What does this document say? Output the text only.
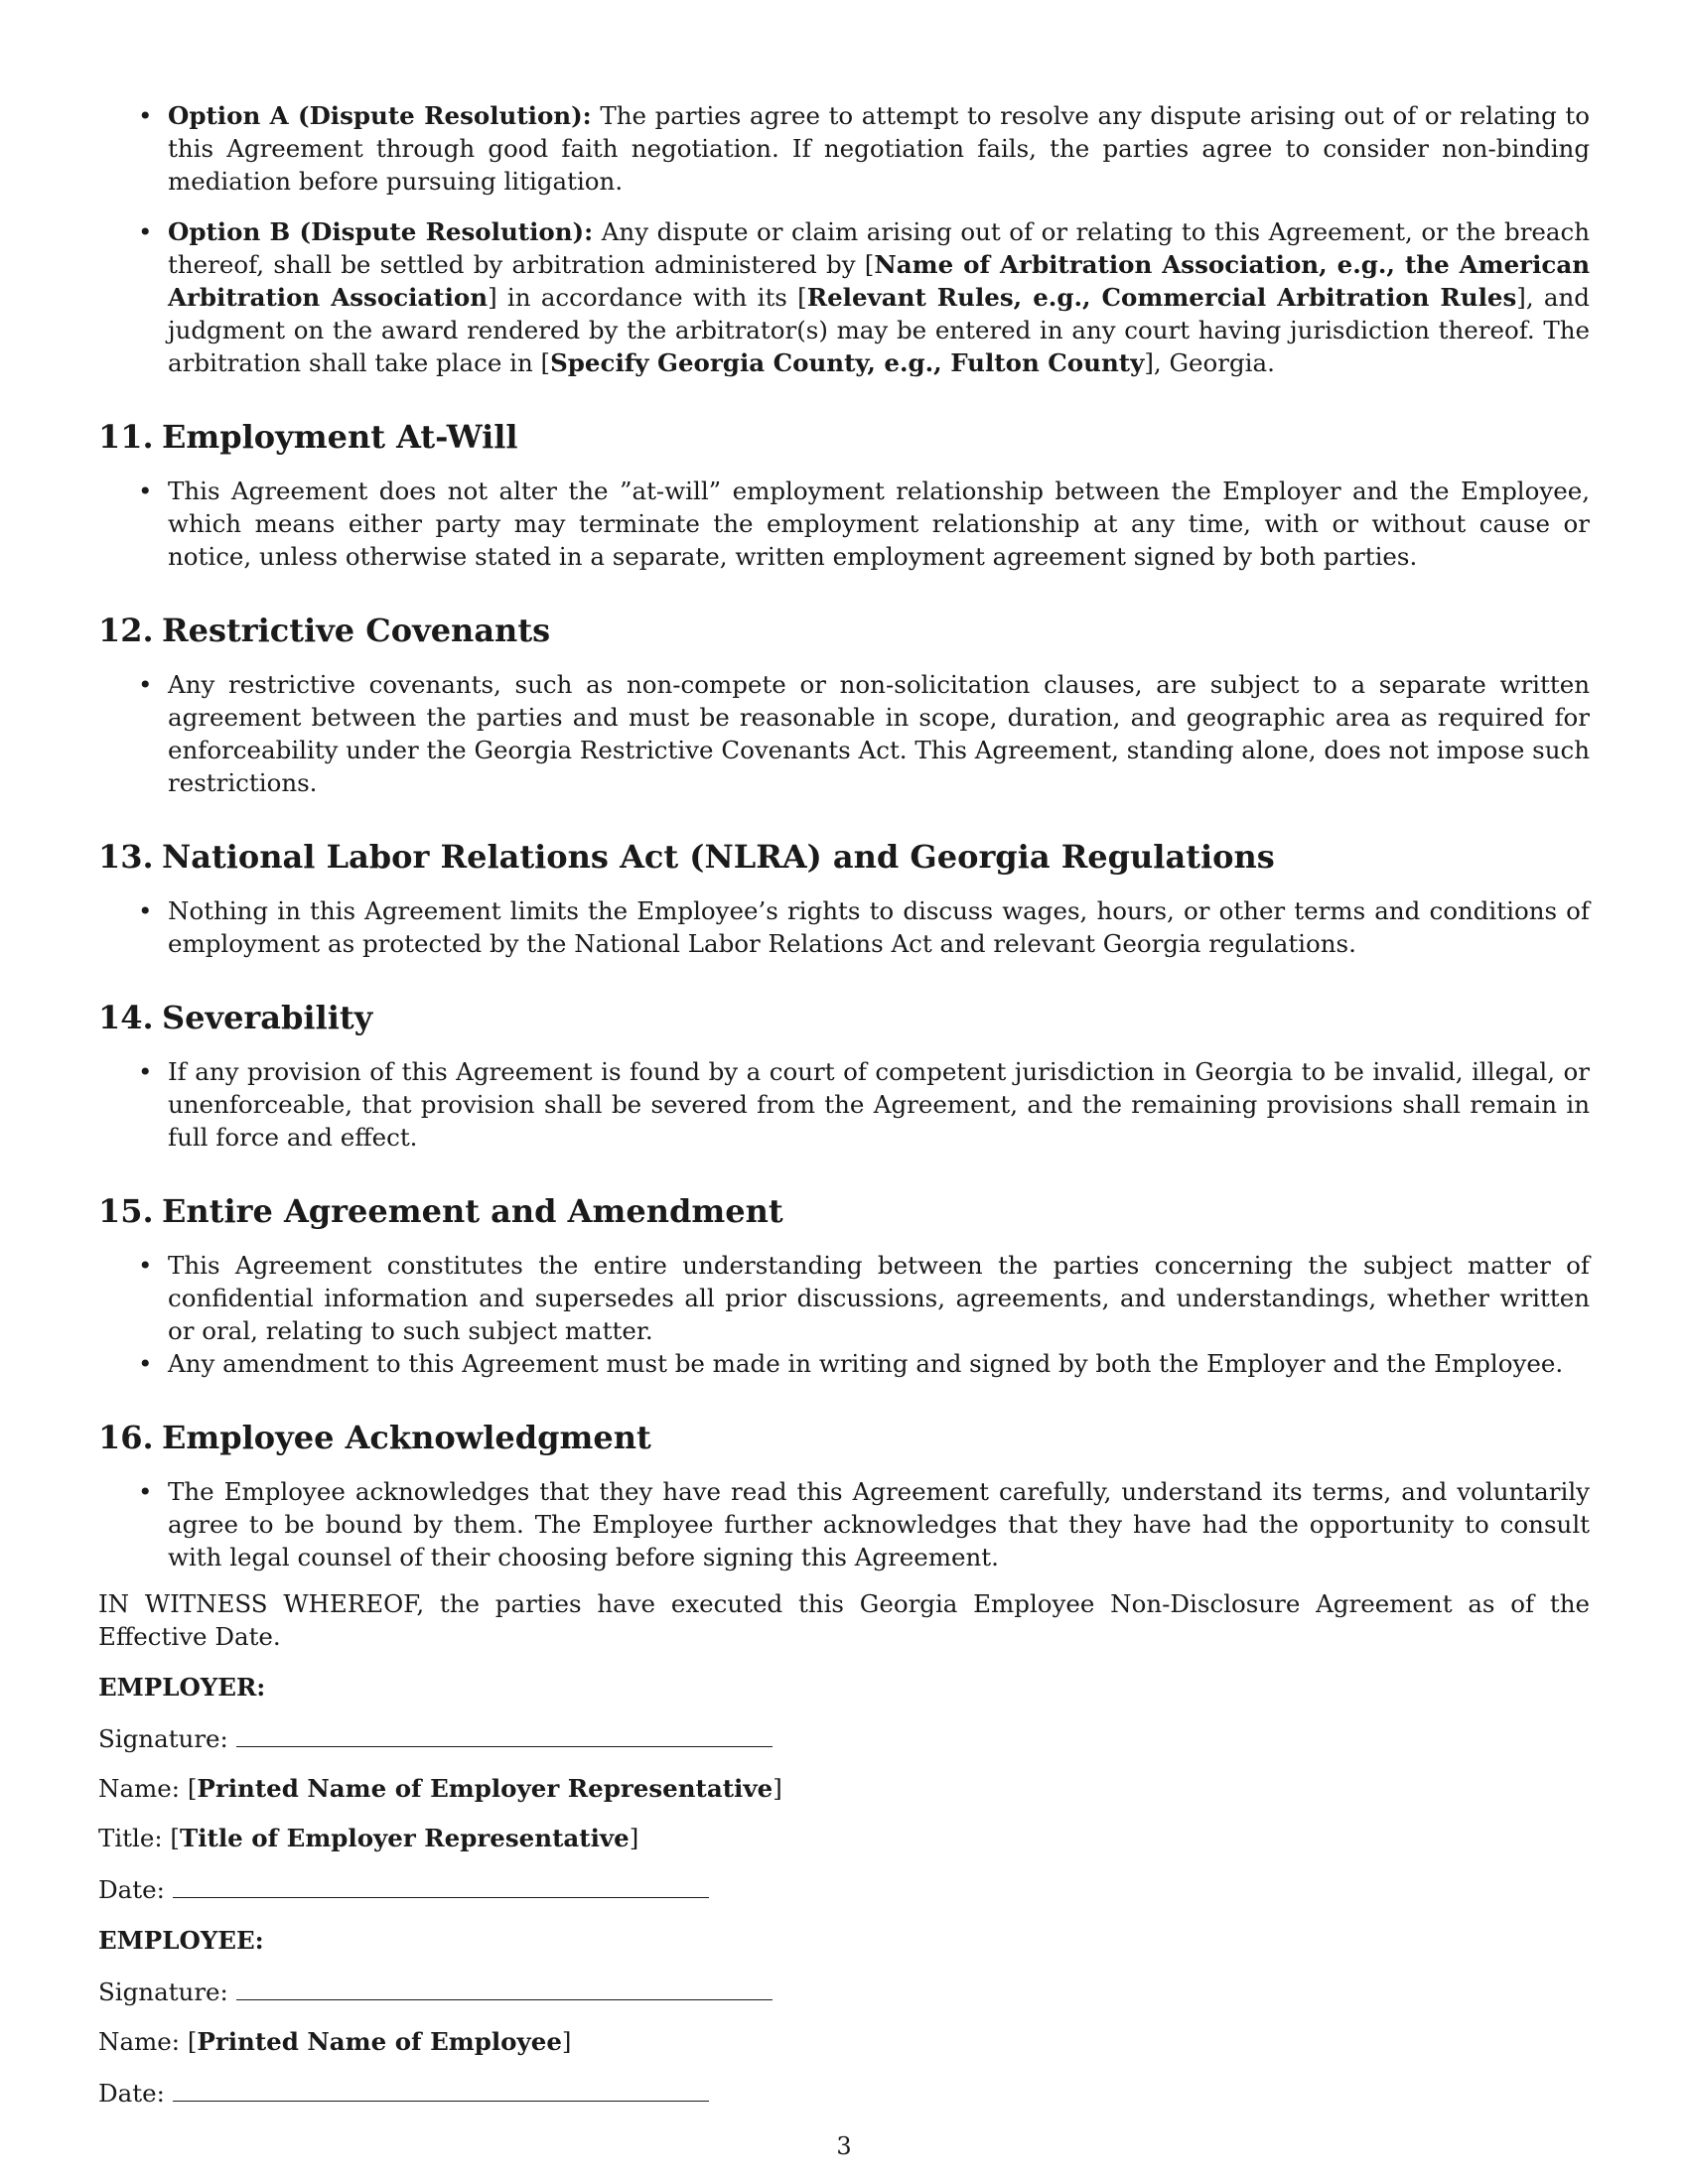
• Option A (Dispute Resolution): The parties agree to attempt to resolve any dispute arising out of or relating to this Agreement through good faith negotiation. If negotiation fails, the parties agree to consider non-binding mediation before pursuing litigation.
• Option B (Dispute Resolution): Any dispute or claim arising out of or relating to this Agreement, or the breach thereof, shall be settled by arbitration administered by [Name of Arbitration Association, e.g., the American Arbitration Association] in accordance with its [Relevant Rules, e.g., Commercial Arbitration Rules], and judgment on the award rendered by the arbitrator(s) may be entered in any court having jurisdiction thereof. The arbitration shall take place in [Specify Georgia County, e.g., Fulton County], Georgia.
11. Employment At-Will
• This Agreement does not alter the ”at-will” employment relationship between the Employer and the Employee, which means either party may terminate the employment relationship at any time, with or without cause or notice, unless otherwise stated in a separate, written employment agreement signed by both parties.
12. Restrictive Covenants
• Any restrictive covenants, such as non-compete or non-solicitation clauses, are subject to a separate written agreement between the parties and must be reasonable in scope, duration, and geographic area as required for enforceability under the Georgia Restrictive Covenants Act. This Agreement, standing alone, does not impose such restrictions.
13. National Labor Relations Act (NLRA) and Georgia Regulations
• Nothing in this Agreement limits the Employee’s rights to discuss wages, hours, or other terms and conditions of employment as protected by the National Labor Relations Act and relevant Georgia regulations.
14. Severability
• If any provision of this Agreement is found by a court of competent jurisdiction in Georgia to be invalid, illegal, or unenforceable, that provision shall be severed from the Agreement, and the remaining provisions shall remain in full force and effect.
15. Entire Agreement and Amendment
• This Agreement constitutes the entire understanding between the parties concerning the subject matter of confidential information and supersedes all prior discussions, agreements, and understandings, whether written or oral, relating to such subject matter.
• Any amendment to this Agreement must be made in writing and signed by both the Employer and the Employee.
16. Employee Acknowledgment
• The Employee acknowledges that they have read this Agreement carefully, understand its terms, and voluntarily agree to be bound by them. The Employee further acknowledges that they have had the opportunity to consult with legal counsel of their choosing before signing this Agreement.
IN WITNESS WHEREOF, the parties have executed this Georgia Employee Non-Disclosure Agreement as of the Effective Date.
EMPLOYER:
Signature:
Name: [Printed Name of Employer Representative]
Title: [Title of Employer Representative]
Date:
EMPLOYEE:
Signature:
Name: [Printed Name of Employee]
Date:
3
